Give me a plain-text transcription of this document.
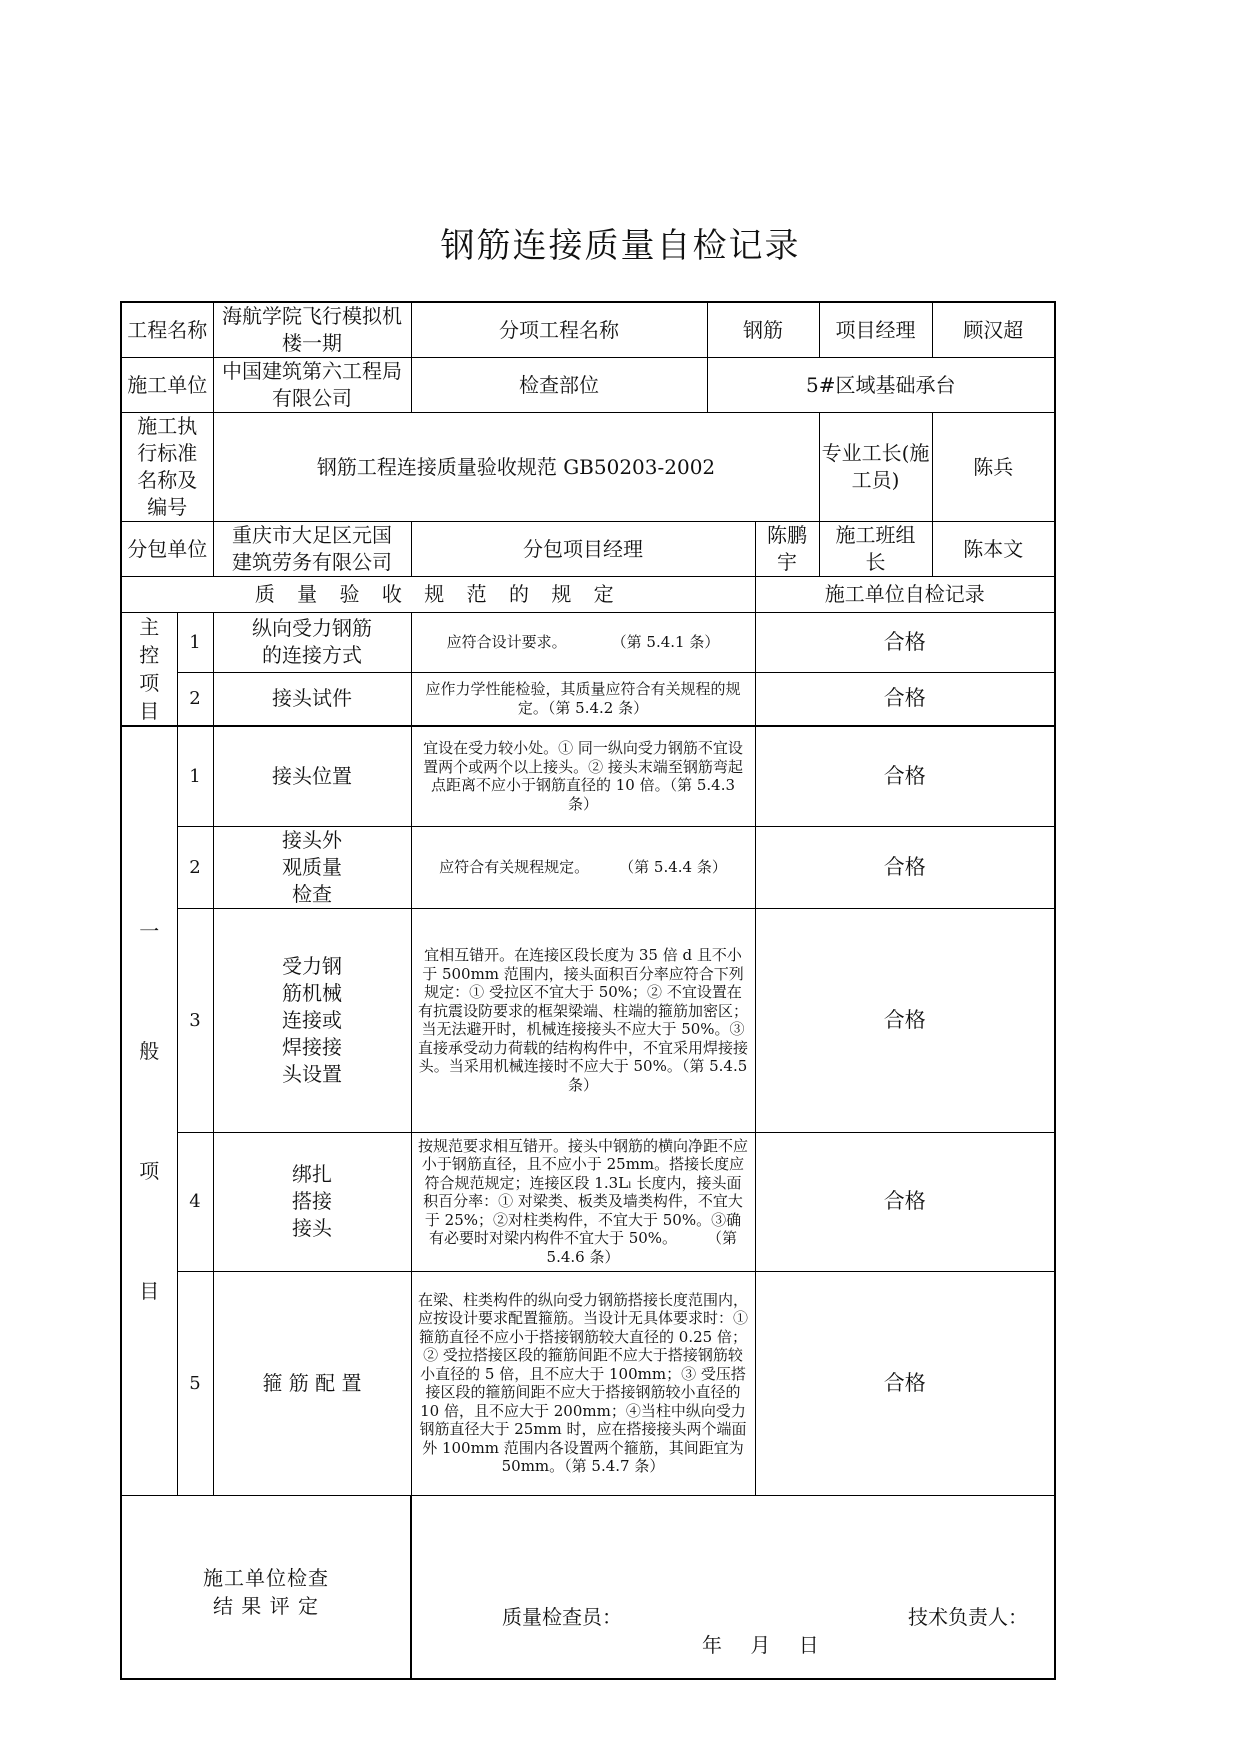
钢筋连接质量自检记录
工程名称		海航学院飞行模拟机楼一期	分项工程名称	钢筋		项目经理	顾汉超
施工单位		中国建筑第六工程局有限公司	检查部位	5#区域基础承台			
施工执行标准名称及编号		钢筋工程连接质量验收规范 GB50203-2002				专业工长(施工员)	陈兵
分包单位		重庆市大足区元国建筑劳务有限公司	分包项目经理		陈鹏宇	施工班组长	陈本文
质 量 验 收 规 范 的 规 定					施工单位自检记录		

主控项目	1	纵向受力钢筋的连接方式	应符合设计要求。　　　　（第 5.4.1 条）		合格		
	2	接头试件	应作力学性能检验，其质量应符合有关规程的规定。（第 5.4.2 条）		合格		

一般项目	1	接头位置	宜设在受力较小处。① 同一纵向受力钢筋不宜设置两个或两个以上接头。② 接头末端至钢筋弯起点距离不应小于钢筋直径的 10 倍。（第 5.4.3 条）		合格		
	2	接头外观质量检查	应符合有关规程规定。　　　（第 5.4.4 条）		合格		
	3	受力钢筋机械连接或焊接接头设置	宜相互错开。在连接区段长度为 35 倍 d 且不小于 500mm 范围内，接头面积百分率应符合下列规定：① 受拉区不宜大于 50%；② 不宜设置在有抗震设防要求的框架梁端、柱端的箍筋加密区；当无法避开时，机械连接接头不应大于 50%。③ 直接承受动力荷载的结构构件中，不宜采用焊接接头。当采用机械连接时不应大于 50%。（第 5.4.5 条）		合格		
	4	绑扎搭接接头	按规范要求相互错开。接头中钢筋的横向净距不应小于钢筋直径，且不应小于 25mm。搭接长度应符合规范规定；连接区段 1.3Lₗ 长度内，接头面积百分率：① 对梁类、板类及墙类构件，不宜大于 25%；②对柱类构件，不宜大于 50%。③确有必要时对梁内构件不宜大于 50%。　　　（第 5.4.6 条）		合格		
	5	箍 筋 配 置	在梁、柱类构件的纵向受力钢筋搭接长度范围内，应按设计要求配置箍筋。当设计无具体要求时：① 箍筋直径不应小于搭接钢筋较大直径的 0.25 倍；② 受拉搭接区段的箍筋间距不应大于搭接钢筋较小直径的 5 倍，且不应大于 100mm；③ 受压搭接区段的箍筋间距不应大于搭接钢筋较小直径的 10 倍，且不应大于 200mm；④当柱中纵向受力钢筋直径大于 25mm 时，应在搭接接头两个端面外 100mm 范围内各设置两个箍筋，其间距宜为 50mm。（第 5.4.7 条）		合格		

施工单位检查结 果 评 定			质量检查员： 技术负责人：
年 月 日				
